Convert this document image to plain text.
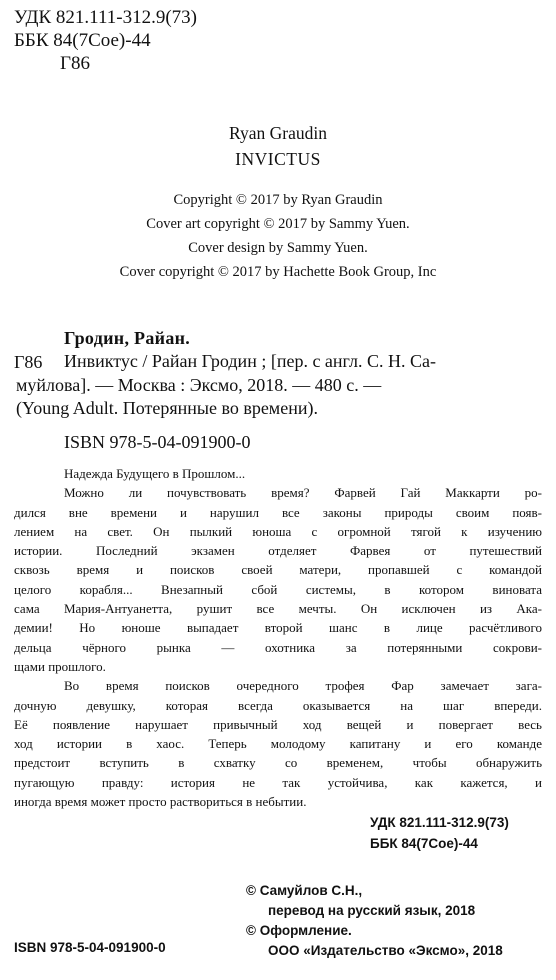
УДК 821.111-312.9(73)
ББК 84(7Сое)-44
Г86
Ryan Graudin
INVICTUS
Copyright © 2017 by Ryan Graudin
Cover art copyright © 2017 by Sammy Yuen.
Cover design by Sammy Yuen.
Cover copyright © 2017 by Hachette Book Group, Inc
Гродин, Райан.
Г86 Инвиктус / Райан Гродин ; [пер. с англ. С. Н. Са-
муйлова]. — Москва : Эксмо, 2018. — 480 с. —
(Young Adult. Потерянные во времени).
ISBN 978-5-04-091900-0
Надежда Будущего в Прошлом...
Можно ли почувствовать время? Фарвей Гай Маккарти ро-
дился вне времени и нарушил все законы природы своим появ-
лением на свет. Он пылкий юноша с огромной тягой к изучению
истории. Последний экзамен отделяет Фарвея от путешествий
сквозь время и поисков своей матери, пропавшей с командой
целого корабля... Внезапный сбой системы, в котором виновата
сама Мария-Антуанетта, рушит все мечты. Он исключен из Ака-
демии! Но юноше выпадает второй шанс в лице расчётливого
дельца чёрного рынка — охотника за потерянными сокрови-
щами прошлого.
Во время поисков очередного трофея Фар замечает зага-
дочную девушку, которая всегда оказывается на шаг впереди.
Её появление нарушает привычный ход вещей и повергает весь
ход истории в хаос. Теперь молодому капитану и его команде
предстоит вступить в схватку со временем, чтобы обнаружить
пугающую правду: история не так устойчива, как кажется, и
иногда время может просто раствориться в небытии.
УДК 821.111-312.9(73)
ББК 84(7Сое)-44
© Самуйлов С.Н.,
перевод на русский язык, 2018
© Оформление.
ООО «Издательство «Эксмо», 2018
ISBN 978-5-04-091900-0
